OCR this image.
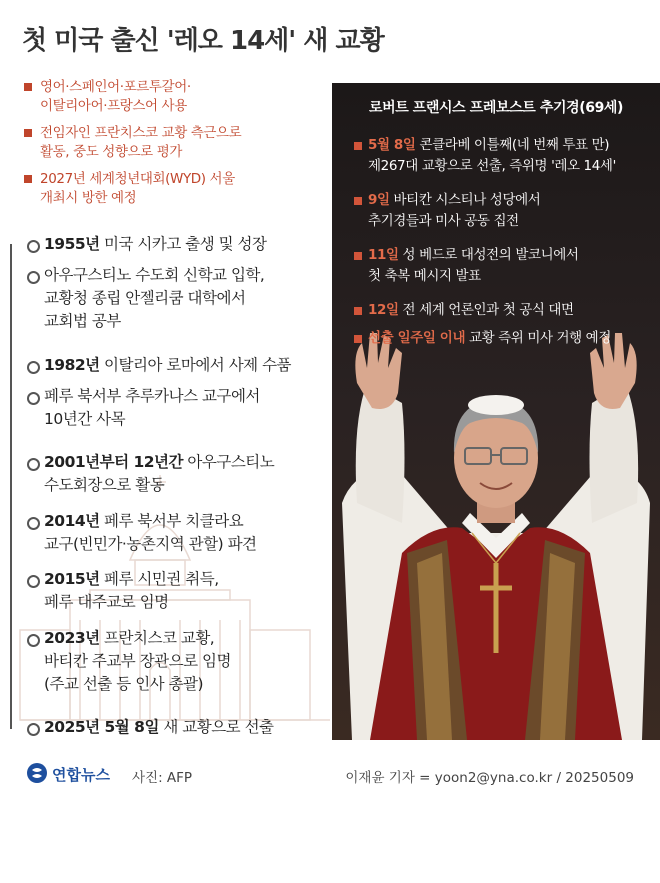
첫 미국 출신 '레오 14세' 새 교황
영어·스페인어·포르투갈어·
이탈리아어·프랑스어 사용
전임자인 프란치스코 교황 측근으로
활동, 중도 성향으로 평가
2027년 세계청년대회(WYD) 서울
개최시 방한 예정
1955년 미국 시카고 출생 및 성장
아우구스티노 수도회 신학교 입학,
교황청 종립 안젤리쿰 대학에서
교회법 공부
1982년 이탈리아 로마에서 사제 수품
페루 북서부 추루카나스 교구에서
10년간 사목
2001년부터 12년간 아우구스티노
수도회장으로 활동
2014년 페루 북서부 치클라요
교구(빈민가·농촌지역 관할) 파견
2015년 페루 시민권 취득,
페루 대주교로 임명
2023년 프란치스코 교황,
바티칸 주교부 장관으로 임명
(주교 선출 등 인사 총괄)
2025년 5월 8일 새 교황으로 선출
로버트 프랜시스 프레보스트 추기경(69세)
5월 8일 콘클라베 이틀째(네 번째 투표 만)
제267대 교황으로 선출, 즉위명 '레오 14세'
9일 바티칸 시스티나 성당에서
추기경들과 미사 공동 집전
11일 성 베드로 대성전의 발코니에서
첫 축복 메시지 발표
12일 전 세계 언론인과 첫 공식 대면
선출 일주일 이내 교황 즉위 미사 거행 예정
연합뉴스 사진: AFP	이재윤 기자 = yoon2@yna.co.kr / 20250509
